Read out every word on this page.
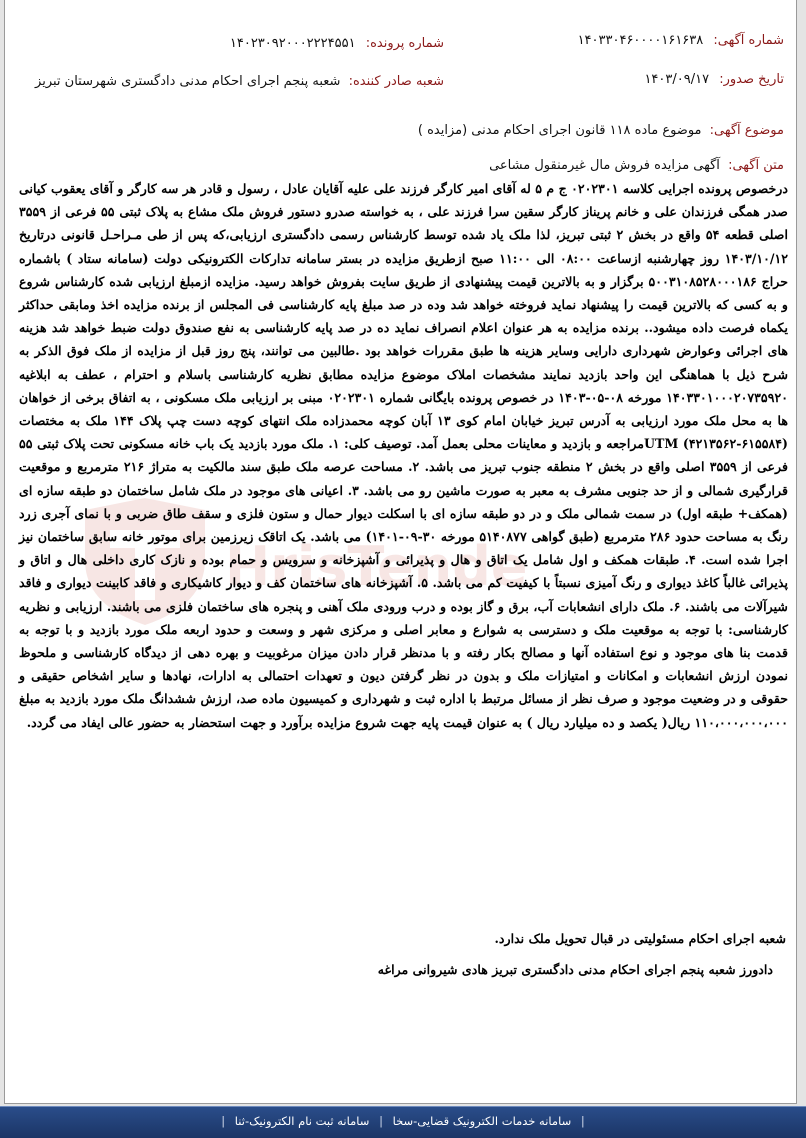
شماره آگهی: ۱۴۰۳۳۰۴۶۰۰۰۰۱۶۱۶۳۸
شماره پرونده: ۱۴۰۲۳۰۹۲۰۰۰۲۲۲۴۵۵۱
تاریخ صدور: ۱۴۰۳/۰۹/۱۷
شعبه صادر کننده: شعبه پنجم اجرای احکام مدنی دادگستری شهرستان تبریز
موضوع آگهی: موضوع ماده ۱۱۸ قانون اجرای احکام مدنی (مزایده )
متن آگهی: آگهی مزایده فروش مال غیرمنقول مشاعی
HrisTende
درخصوص پرونده اجرایی کلاسه ۰۲۰۲۳۰۱ ج م ۵ له آقای امیر کارگر فرزند علی علیه آقایان عادل ، رسول و قادر هر سه کارگر و آقای یعقوب کیانی صدر همگی فرزندان علی و خانم پریناز کارگر سقین سرا فرزند علی ، به خواسته صدرو دستور فروش ملک مشاع به پلاک ثبتی ۵۵ فرعی از ۳۵۵۹ اصلی قطعه ۵۴ واقع در بخش ۲ ثبتی تبریز، لذا ملک یاد شده توسط کارشناس رسمی دادگستری ارزیابی،که پس از طی مـراحـل قانونی درتاریخ ۱۴۰۳/۱۰/۱۲ روز چهارشنبه ازساعت ۰۸:۰۰ الی ۱۱:۰۰ صبح ازطریق مزایده در بستر سامانه تدارکات الکترونیکی دولت (سامانه ستاد ) باشماره حراج ۵۰۰۳۱۰۸۵۲۸۰۰۰۱۸۶ برگزار و به بالاترین قیمت پیشنهادی از طریق سایت بفروش خواهد رسید. مزایده ازمبلغ ارزیابی شده کارشناس شروع و به کسی که بالاترین قیمت را پیشنهاد نماید فروخته خواهد شد وده در صد مبلغ پایه کارشناسی فی المجلس از برنده مزایده اخذ ومابقی حداکثر یکماه فرصت داده میشود.. برنده مزایده به هر عنوان اعلام انصراف نماید ده در صد پایه کارشناسی به نفع صندوق دولت ضبط خواهد شد هزینه های اجرائی وعوارض شهرداری دارایی وسایر هزینه ها طبق مقررات خواهد بود .طالبین می توانند، پنج روز قبل از مزایده از ملک فوق الذکر به شرح ذیل با هماهنگی این واحد بازدید نمایند مشخصات املاک موضوع مزایده مطابق نظریه کارشناسی باسلام و احترام ، عطف به ابلاغیه ۱۴۰۳۳۰۱۰۰۰۲۰۷۳۵۹۲۰ مورخه ۰۸-۰۵-۱۴۰۳ در خصوص پرونده بایگانی شماره ۰۲۰۲۳۰۱ مبنی بر ارزیابی ملک مسکونی ، به اتفاق برخی از خواهان ها به محل ملک مورد ارزیابی به آدرس تبریز خیابان امام کوی ۱۳ آبان کوچه محمدزاده ملک انتهای کوچه دست چپ پلاک ۱۴۴ ملک به مختصات UTM (۴۲۱۳۵۶۲-۶۱۵۵۸۴)مراجعه و بازدید و معاینات محلی بعمل آمد. توصیف کلی: ۱. ملک مورد بازدید یک باب خانه مسکونی تحت پلاک ثبتی ۵۵ فرعی از ۳۵۵۹ اصلی واقع در بخش ۲ منطقه جنوب تبریز می باشد. ۲. مساحت عرصه ملک طبق سند مالکیت به متراژ ۲۱۶ مترمربع و موقعیت قرارگیری شمالی و از حد جنوبی مشرف به معبر به صورت ماشین رو می باشد. ۳. اعیانی های موجود در ملک شامل ساختمان دو طبقه سازه ای (همکف+ طبقه اول) در سمت شمالی ملک و در دو طبقه سازه ای با اسکلت دیوار حمال و ستون فلزی و سقف طاق ضربی و با نمای آجری زرد رنگ به مساحت حدود ۲۸۶ مترمربع (طبق گواهی ۵۱۴۰۸۷۷ مورخه ۳۰-۰۹-۱۴۰۱) می باشد. یک اتاقک زیرزمین برای موتور خانه سابق ساختمان نیز اجرا شده است. ۴. طبقات همکف و اول شامل یک اتاق و هال و پذیرائی و آشپزخانه و سرویس و حمام بوده و نازک کاری داخلی هال و اتاق و پذیرائی غالباً کاغذ دیواری و رنگ آمیزی نسبتاً با کیفیت کم می باشد. ۵. آشپزخانه های ساختمان کف و دیوار کاشیکاری و فاقد کابینت دیواری و فاقد شیرآلات می باشند. ۶. ملک دارای انشعابات آب، برق و گاز بوده و درب ورودی ملک آهنی و پنجره های ساختمان فلزی می باشند. ارزیابی و نظریه کارشناسی: با توجه به موقعیت ملک و دسترسی به شوارع و معابر اصلی و مرکزی شهر و وسعت و حدود اربعه ملک مورد بازدید و با توجه به قدمت بنا های موجود و نوع استفاده آنها و مصالح بکار رفته و با مدنظر قرار دادن میزان مرغوبیت و بهره دهی از دیدگاه کارشناسی و ملحوظ نمودن ارزش انشعابات و امکانات و امتیازات ملک و بدون در نظر گرفتن دیون و تعهدات احتمالی به ادارات، نهادها و سایر اشخاص حقیقی و حقوقی و در وضعیت موجود و صرف نظر از مسائل مرتبط با اداره ثبت و شهرداری و کمیسیون ماده صد، ارزش ششدانگ ملک مورد بازدید به مبلغ ۱۱۰،۰۰۰،۰۰۰،۰۰۰ ریال( یکصد و ده میلیارد ریال ) به عنوان قیمت پایه جهت شروع مزایده برآورد و جهت استحضار به حضور عالی ایفاد می گردد.
شعبه اجرای احکام مسئولیتی در قبال تحویل ملک ندارد.
دادورز شعبه پنجم اجرای احکام مدنی دادگستری تبریز هادی شیروانی مراغه
| سامانه خدمات الکترونیک قضایی-سخا | سامانه ثبت نام الکترونیک-ثنا |
